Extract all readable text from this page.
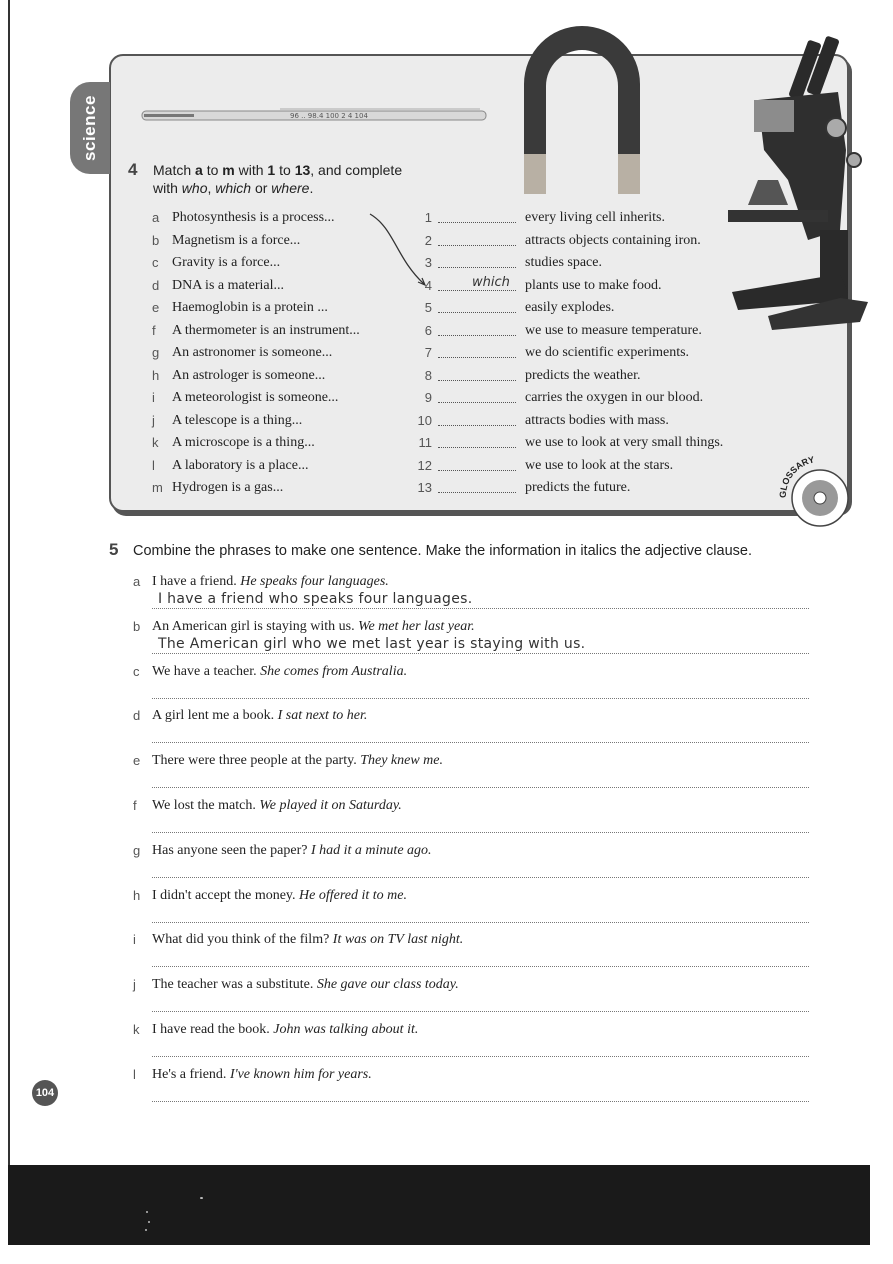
science	96 .. 98.4 100 2 4 104
4 Match a to m with 1 to 13, and complete
with who, which or where.
a Photosynthesis is a process...
b Magnetism is a force...
c Gravity is a force...
d DNA is a material...
e Haemoglobin is a protein ...
f	A thermometer is an instrument...
g An astronomer is someone...
h An astrologer is someone...
i	A meteorologist is someone...
j	A telescope is a thing...
k A microscope is a thing...
l	A laboratory is a place...
m Hydrogen is a gas...
1	every living cell inherits.
2	attracts objects containing iron.
3	studies space.
4	which plants use to make food.
5	easily explodes.
6	we use to measure temperature.
7	we do scientific experiments.
8	predicts the weather.
9	carries the oxygen in our blood.
10	attracts bodies with mass.
11	we use to look at very small things.
12	we use to look at the stars.
13	predicts the future.	GLOSSARY
5 Combine the phrases to make one sentence. Make the information in italics the adjective clause.
a I have a friend. He speaks four languages.
I have a friend who speaks four languages.
b An American girl is staying with us. We met her last year.
The American girl who we met last year is staying with us.
c We have a teacher. She comes from Australia.
d A girl lent me a book. I sat next to her.
e There were three people at the party. They knew me.
f	We lost the match. We played it on Saturday.
g Has anyone seen the paper? I had it a minute ago.
h I didn't accept the money. He offered it to me.
i	What did you think of the film? It was on TV last night.
j	The teacher was a substitute. She gave our class today.
k I have read the book. John was talking about it.
l	He's a friend. I've known him for years.
104
